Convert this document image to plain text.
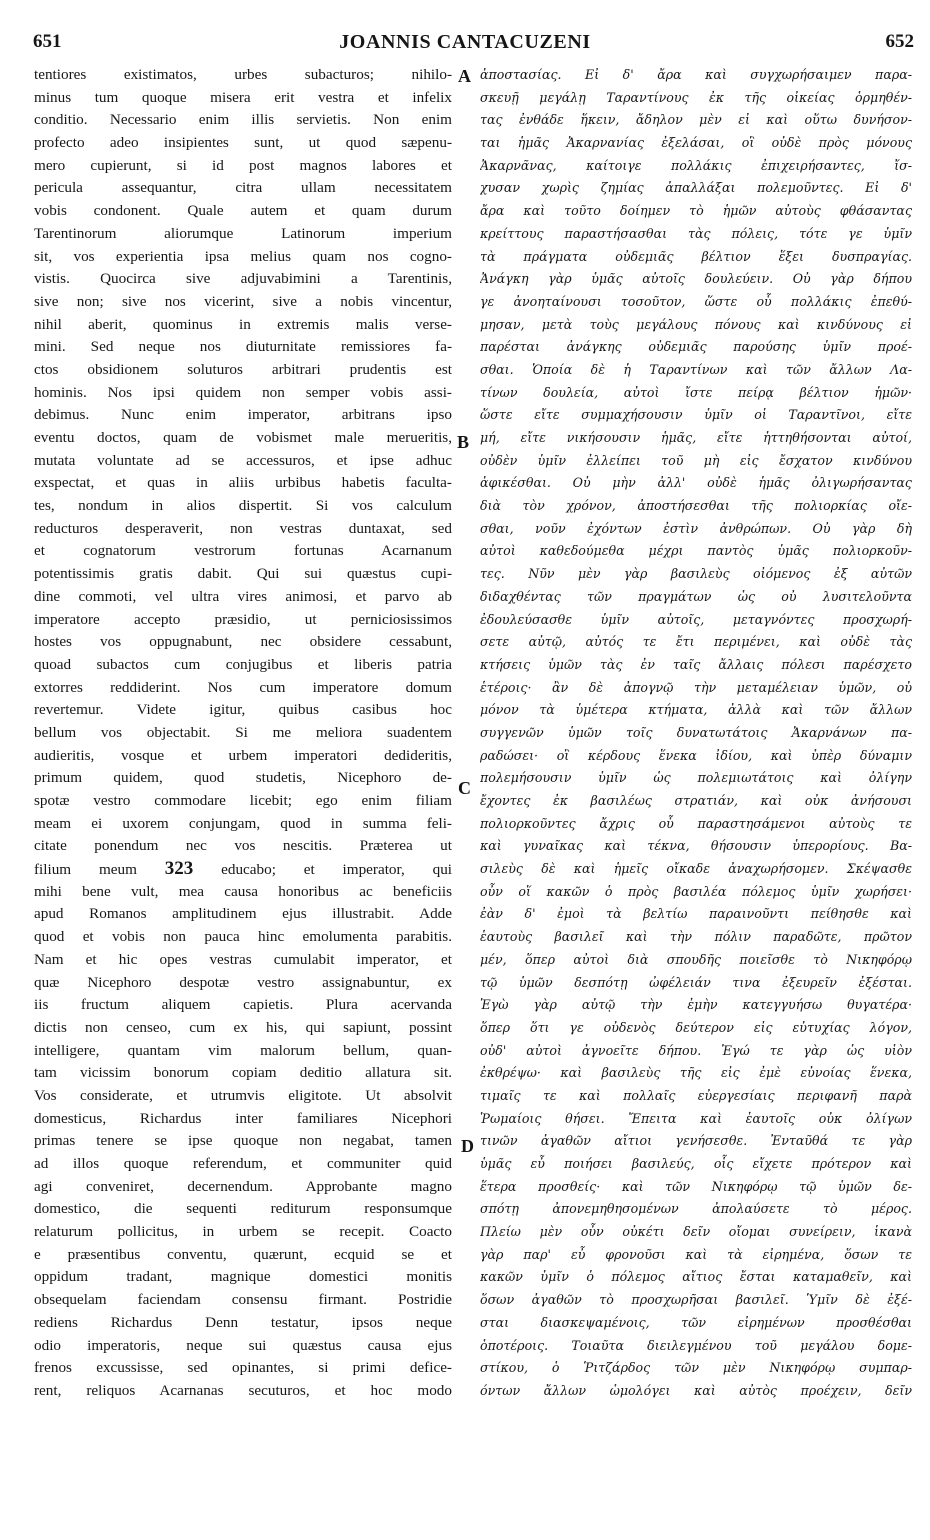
651	JOANNIS CANTACUZENI	652
tentiores existimatos, urbes subacturos; nihilo-
minus tum quoque misera erit vestra et infelix
conditio. Necessario enim illis servietis. Non enim
profecto adeo insipientes sunt, ut quod sæpenu-
mero cupierunt, si id post magnos labores et
pericula assequantur, citra ullam necessitatem
vobis condonent. Quale autem et quam durum
Tarentinorum aliorumque Latinorum imperium
sit, vos experientia ipsa melius quam nos cogno-
vistis. Quocirca sive adjuvabimini a Tarentinis,
sive non; sive nos vicerint, sive a nobis vincentur,
nihil aberit, quominus in extremis malis verse-
mini. Sed neque nos diuturnitate remissiores fa-
ctos obsidionem soluturos arbitrari prudentis est
hominis. Nos ipsi quidem non semper vobis assi-
debimus. Nunc enim imperator, arbitrans ipso
eventu doctos, quam de vobismet male merueritis,
mutata voluntate ad se accessuros, et ipse adhuc
exspectat, et quas in aliis urbibus habetis faculta-
tes, nondum in alios dispertit. Si vos calculum
reducturos desperaverit, non vestras duntaxat, sed
et cognatorum vestrorum fortunas Acarnanum
potentissimis gratis dabit. Qui sui quæstus cupi-
dine commoti, vel ultra vires animosi, et parvo ab
imperatore accepto præsidio, ut perniciosissimos
hostes vos oppugnabunt, nec obsidere cessabunt,
quoad subactos cum conjugibus et liberis patria
extorres reddiderint. Nos cum imperatore domum
revertemur. Videte igitur, quibus casibus hoc
bellum vos objectabit. Si me meliora suadentem
audieritis, vosque et urbem imperatori dedideritis,
primum quidem, quod studetis, Nicephoro de-
spotæ vestro commodare licebit; ego enim filiam
meam ei uxorem conjungam, quod in summa feli-
citate ponendum nec vos nescitis. Præterea ut
filium meum 323 educabo; et imperator, qui
mihi bene vult, mea causa honoribus ac beneficiis
apud Romanos amplitudinem ejus illustrabit. Adde
quod et vobis non pauca hinc emolumenta parabitis.
Nam et hic opes vestras cumulabit imperator, et
quæ Nicephoro despotæ vestro assignabuntur, ex
iis fructum aliquem capietis. Plura acervanda
dictis non censeo, cum ex his, qui sapiunt, possint
intelligere, quantam vim malorum bellum, quan-
tam vicissim bonorum copiam deditio allatura sit.
Vos considerate, et utrumvis eligitote. Ut absolvit
domesticus, Richardus inter familiares Nicephori
primas tenere se ipse quoque non negabat, tamen
ad illos quoque referendum, et communiter quid
agi conveniret, decernendum. Approbante magno
domestico, die sequenti rediturum responsumque
relaturum pollicitus, in urbem se recepit. Coacto
e præsentibus conventu, quærunt, ecquid se et
oppidum tradant, magnique domestici monitis
obsequelam faciendam consensu firmant. Postridie
rediens Richardus Denn testatur, ipsos neque
odio imperatoris, neque sui quæstus causa ejus
frenos excussisse, sed opinantes, si primi defice-
rent, reliquos Acarnanas secuturos, et hoc modo
A
B
C
D
ἀποστασίας. Εἰ δ' ἄρα καὶ συγχωρήσαιμεν παρα-
σκευῇ μεγάλῃ Ταραντίνους ἐκ τῆς οἰκείας ὁρμηθέν-
τας ἐνθάδε ἥκειν, ἄδηλον μὲν εἰ καὶ οὕτω δυνήσον-
ται ἡμᾶς Ἀκαρνανίας ἐξελάσαι, οἳ οὐδὲ πρὸς μόνους
Ἀκαρνᾶνας, καίτοιγε πολλάκις ἐπιχειρήσαντες, ἴσ-
χυσαν χωρὶς ζημίας ἀπαλλάξαι πολεμοῦντες. Εἰ δ'
ἄρα καὶ τοῦτο δοίημεν τὸ ἡμῶν αὐτοὺς φθάσαντας
κρείττους παραστήσασθαι τὰς πόλεις, τότε γε ὑμῖν
τὰ πράγματα οὐδεμιᾶς βέλτιον ἕξει δυσπραγίας.
Ἀνάγκη γὰρ ὑμᾶς αὐτοῖς δουλεύειν. Οὐ γὰρ δήπου
γε ἀνοηταίνουσι τοσοῦτον, ὥστε οὗ πολλάκις ἐπεθύ-
μησαν, μετὰ τοὺς μεγάλους πόνους καὶ κινδύνους εἰ
παρέσται ἀνάγκης οὐδεμιᾶς παρούσης ὑμῖν προέ-
σθαι. Ὁποία δὲ ἡ Ταραντίνων καὶ τῶν ἄλλων Λα-
τίνων δουλεία, αὐτοὶ ἴστε πείρᾳ βέλτιον ἡμῶν·
ὥστε εἴτε συμμαχήσουσιν ὑμῖν οἱ Ταραντῖνοι, εἴτε
μή, εἴτε νικήσουσιν ἡμᾶς, εἴτε ἡττηθήσονται αὐτοί,
οὐδὲν ὑμῖν ἐλλείπει τοῦ μὴ εἰς ἔσχατον κινδύνου
ἀφικέσθαι. Οὐ μὴν ἀλλ' οὐδὲ ἡμᾶς ὀλιγωρήσαντας
διὰ τὸν χρόνον, ἀποστήσεσθαι τῆς πολιορκίας οἴε-
σθαι, νοῦν ἐχόντων ἐστὶν ἀνθρώπων. Οὐ γὰρ δὴ
αὐτοὶ καθεδούμεθα μέχρι παντὸς ὑμᾶς πολιορκοῦν-
τες. Νῦν μὲν γὰρ βασιλεὺς οἰόμενος ἐξ αὐτῶν
διδαχθέντας τῶν πραγμάτων ὡς οὐ λυσιτελοῦντα
ἐδουλεύσασθε ὑμῖν αὐτοῖς, μεταγνόντες προσχωρή-
σετε αὐτῷ, αὐτός τε ἔτι περιμένει, καὶ οὐδὲ τὰς
κτήσεις ὑμῶν τὰς ἐν ταῖς ἄλλαις πόλεσι παρέσχετο
ἑτέροις· ἂν δὲ ἀπογνῷ τὴν μεταμέλειαν ὑμῶν, οὐ
μόνον τὰ ὑμέτερα κτήματα, ἀλλὰ καὶ τῶν ἄλλων
συγγενῶν ὑμῶν τοῖς δυνατωτάτοις Ἀκαρνάνων πα-
ραδώσει· οἳ κέρδους ἕνεκα ἰδίου, καὶ ὑπὲρ δύναμιν
πολεμήσουσιν ὑμῖν ὡς πολεμιωτάτοις καὶ ὀλίγην
ἔχοντες ἐκ βασιλέως στρατιάν, καὶ οὐκ ἀνήσουσι
πολιορκοῦντες ἄχρις οὗ παραστησάμενοι αὐτοὺς τε
καὶ γυναῖκας καὶ τέκνα, θήσουσιν ὑπερορίους. Βα-
σιλεὺς δὲ καὶ ἡμεῖς οἴκαδε ἀναχωρήσομεν. Σκέψασθε
οὖν οἵ κακῶν ὁ πρὸς βασιλέα πόλεμος ὑμῖν χωρήσει·
ἐὰν δ' ἐμοὶ τὰ βελτίω παραινοῦντι πείθησθε καὶ
ἑαυτοὺς βασιλεῖ καὶ τὴν πόλιν παραδῶτε, πρῶτον
μέν, ὅπερ αὐτοὶ διὰ σπουδῆς ποιεῖσθε τὸ Νικηφόρῳ
τῷ ὑμῶν δεσπότῃ ὠφέλειάν τινα ἐξευρεῖν ἐξέσται.
Ἐγὼ γὰρ αὐτῷ τὴν ἐμὴν κατεγγυήσω θυγατέρα·
ὅπερ ὅτι γε οὐδενὸς δεύτερον εἰς εὐτυχίας λόγον,
οὐδ' αὐτοὶ ἀγνοεῖτε δήπου. Ἐγώ τε γὰρ ὡς υἱὸν
ἐκθρέψω· καὶ βασιλεὺς τῆς εἰς ἐμὲ εὐνοίας ἕνεκα,
τιμαῖς τε καὶ πολλαῖς εὐεργεσίαις περιφανῆ παρὰ
Ῥωμαίοις θήσει. Ἔπειτα καὶ ἑαυτοῖς οὐκ ὀλίγων
τινῶν ἀγαθῶν αἴτιοι γενήσεσθε. Ἐνταῦθά τε γὰρ
ὑμᾶς εὖ ποιήσει βασιλεύς, οἷς εἴχετε πρότερον καὶ
ἕτερα προσθείς· καὶ τῶν Νικηφόρῳ τῷ ὑμῶν δε-
σπότῃ ἀπονεμηθησομένων ἀπολαύσετε τὸ μέρος.
Πλείω μὲν οὖν οὐκέτι δεῖν οἴομαι συνείρειν, ἱκανὰ
γὰρ παρ' εὖ φρονοῦσι καὶ τὰ εἰρημένα, ὅσων τε
κακῶν ὑμῖν ὁ πόλεμος αἴτιος ἔσται καταμαθεῖν, καὶ
ὅσων ἀγαθῶν τὸ προσχωρῆσαι βασιλεῖ. Ὑμῖν δὲ ἐξέ-
σται διασκεψαμένοις, τῶν εἰρημένων προσθέσθαι
ὁποτέροις. Τοιαῦτα διειλεγμένου τοῦ μεγάλου δομε-
στίκου, ὁ Ῥιτζάρδος τῶν μὲν Νικηφόρῳ συμπαρ-
όντων ἄλλων ὡμολόγει καὶ αὐτὸς προέχειν, δεῖν
